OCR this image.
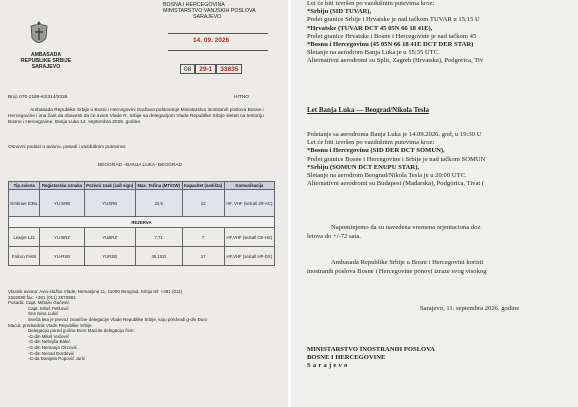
AMBASADA
REPUBLIKE SRBIJE
SARAJEVO
BOSNA I HERCEGOVINA
MINISTARSTVO VANJSKIH POSLOVA
SARAJEVO
14. 09. 2026
08	29-1	33835
Broj: 070-2189-KS314/2026	HITNO
Ambasada Republike Srbije u Bosni i Hercegovini izražava poštovanje Ministarstvu inostranih poslova Bosne i Hercegovine i ima čast da obavesti da će avion Vlade R. Srbije sa delegacijom Vlade Republike Srbije sletati na teritoriju Bosne i Hercegovine, Banja Luka 14. septembra 2026. godine.
Osnovni podaci o avionu, posadi i vazdušnim putevima:
BEOGRAD –BANJA LUKA- BEOGRAD
Tip aviona	Registarska oznaka	Pozivni znak (call sign)	Max. Težina (MT/OW)	Kapacitet (sedišta)	Komunikacija
Embraer E35L	YU-SRB	YUSRB	22,5	13	HF, VHF (selcall JR-AC)
REZERVA					
Learjet L31	YU-BRZ	YUBRZ	7,71	7	HF,VHF (selcall CE-HS)
Falcon FA6X	YU-RSB	YURSB	35,153t	17	HF,VHF (selcall HP-DS)
Vlasnik aviona: Avio-služba Vlade, Nemanjina 11, 11000 Beograd, Srbija tel: +381 (011)
2602890 fax: +381 (011) 2673992.
Posada: Capt. Mihailo Gačević
Capt. Miloš Petković
Sne Nina Lukić
Sveča leta je prevoz zvanične delegacije Vlade Republike Srbije, koju predvodi g-din Đuro
Macut, predsednik Vlade Republike Srbije.
Delegaciju pored g-dina Đure Macuta delegaciju čine:
-G-din Miloš Vučević
-G-din Nebojša Bakić
-G-din Nemanja Okcović
-G-din Nenad Đorđević
-G-da Danijela Popović Jurić
Let će biti izvršen po vazdušnim putevima kroz:
*Srbiju (SID TUVAR),
Prelet granice Srbije i Hrvatske je nad tačkom TUVAR u 15:15 U
*Hrvatske (TUVAR DCT 45 05N 66 18 41E),
Prelet granice Hrvatske i Bosne i Hercegovine je nad tačkom 45
*Bosnu i Hercegovinu (45 05N 66 18 41E DCT DER STAR)
Sletanje na aerodrom Banja Luka je u 15:35 UTC.
Alternativni aerodromi su Split, Zagreb (Hrvatska), Podgorica, Tiv
Let Banja Luka — Beograd/Nikola Tesla
Poletanje sa aerodroma Banja Luka je 14.09.2026. god, u 19:30 U
Let će biti izvršen po vazdušnim putevima kroz:
*Bosnu i Hercegovinu (SID DER DCT SOMUN),
Prelet granice Bosne i Hercegovine i Srbije je nad tačkom SOMUN
*Srbiju (SOMUN DCT ENUPU STAR),
Sletanje na aerodrom Beograd/Nikola Tesla je u 20:00 UTC.
Alternativni aerodromi su Budapest (Mađarska), Podgorica, Tivat (
Napominjemo da su navedena vremena orjentaciona doz
letova do +/-72 sata.
Ambasada Republike Srbije u Bosni i Hercegovini koristi
inostranih poslova Bosne i Hercegovine ponovi izraze svog visokog
Sarajevo, 11. septembra 2026. godine
MINISTARSTVO INOSTRANIH POSLOVA
BOSNE I HERCEGOVINE
Sarajevo
